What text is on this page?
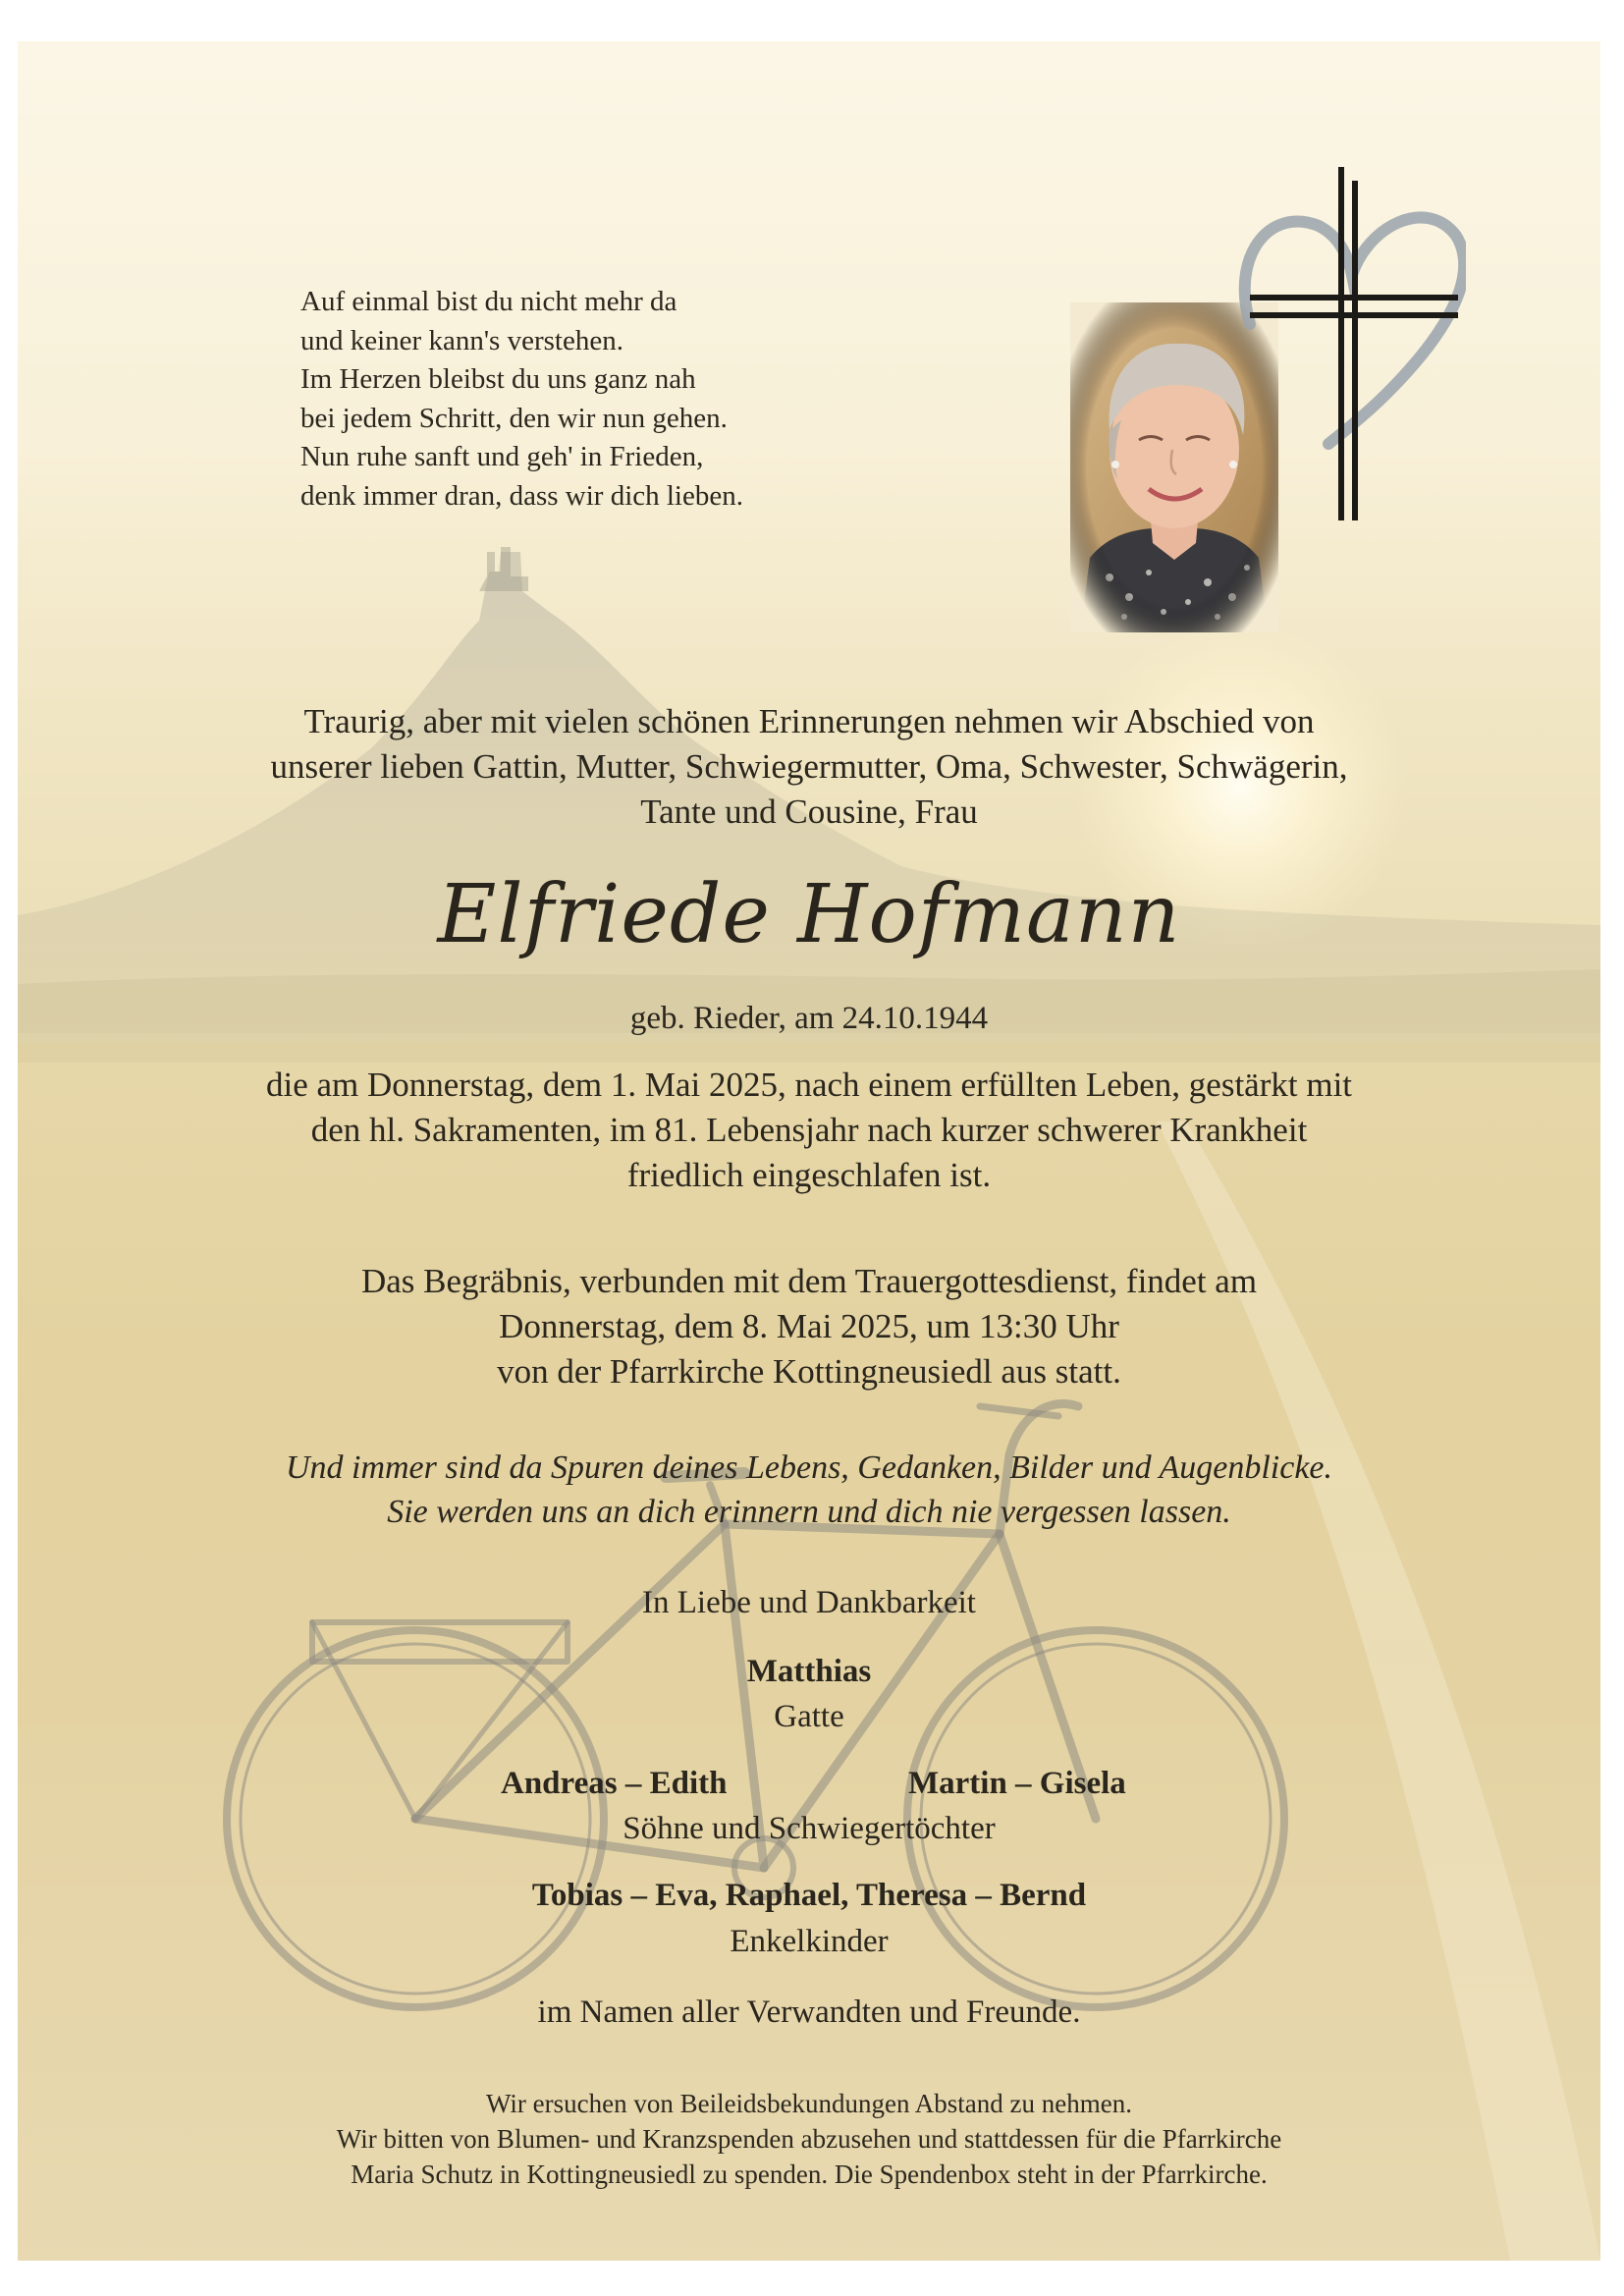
Auf einmal bist du nicht mehr da
und keiner kann's verstehen.
Im Herzen bleibst du uns ganz nah
bei jedem Schritt, den wir nun gehen.
Nun ruhe sanft und geh' in Frieden,
denk immer dran, dass wir dich lieben.
Traurig, aber mit vielen schönen Erinnerungen nehmen wir Abschied von
unserer lieben Gattin, Mutter, Schwiegermutter, Oma, Schwester, Schwägerin,
Tante und Cousine, Frau
Elfriede Hofmann
geb. Rieder, am 24.10.1944
die am Donnerstag, dem 1. Mai 2025, nach einem erfüllten Leben, gestärkt mit
den hl. Sakramenten, im 81. Lebensjahr nach kurzer schwerer Krankheit
friedlich eingeschlafen ist.
Das Begräbnis, verbunden mit dem Trauergottesdienst, findet am
Donnerstag, dem 8. Mai 2025, um 13:30 Uhr
von der Pfarrkirche Kottingneusiedl aus statt.
Und immer sind da Spuren deines Lebens, Gedanken, Bilder und Augenblicke.
Sie werden uns an dich erinnern und dich nie vergessen lassen.
In Liebe und Dankbarkeit
Matthias
Gatte
Andreas – Edith	Martin – Gisela
Söhne und Schwiegertöchter
Tobias – Eva, Raphael, Theresa – Bernd
Enkelkinder
im Namen aller Verwandten und Freunde.
Wir ersuchen von Beileidsbekundungen Abstand zu nehmen.
Wir bitten von Blumen- und Kranzspenden abzusehen und stattdessen für die Pfarrkirche
Maria Schutz in Kottingneusiedl zu spenden. Die Spendenbox steht in der Pfarrkirche.
